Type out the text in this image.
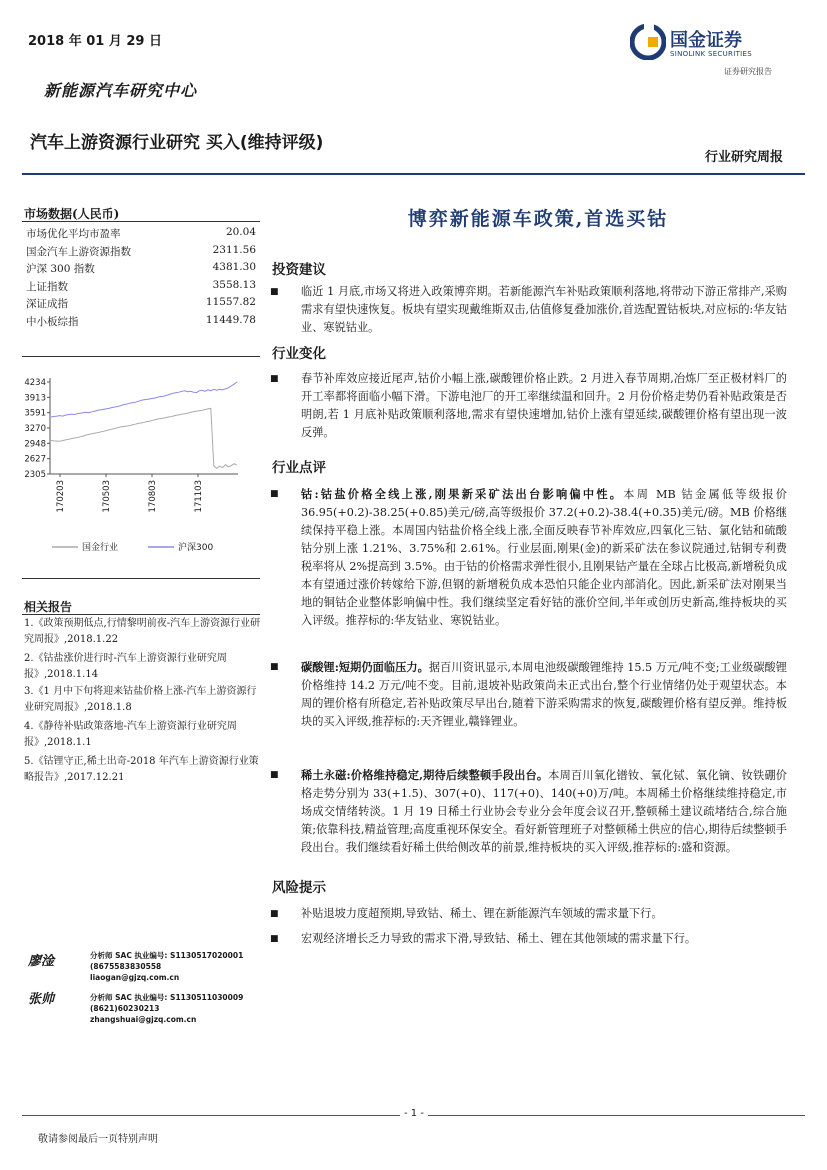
2018 年 01 月 29 日
新能源汽车研究中心
汽车上游资源行业研究 买入(维持评级)
行业研究周报
国金证券
SINOLINK SECURITIES
证券研究报告
市场数据(人民币)
市场优化平均市盈率	20.04
国金汽车上游资源指数	2311.56
沪深 300 指数	4381.30
上证指数	3558.13
深证成指	11557.82
中小板综指	11449.78
4234
3913
3591
3270
2948
2627
2305
170203	170503	170803	171103
国金行业	沪深300
相关报告
1.《政策预期低点,行情黎明前夜-汽车上游资源行业研究周报》,2018.1.22
2.《钴盐涨价进行时-汽车上游资源行业研究周报》,2018.1.14
3.《1 月中下旬将迎来钴盐价格上涨-汽车上游资源行业研究周报》,2018.1.8
4.《静待补贴政策落地-汽车上游资源行业研究周报》,2018.1.1
5.《钴锂守正,稀土出奇-2018 年汽车上游资源行业策略报告》,2017.12.21
廖淦	分析师 SAC 执业编号: S1130517020001
(8675583830558
liaogan@gjzq.com.cn
张帅	分析师 SAC 执业编号: S1130511030009
(8621)60230213
zhangshuai@gjzq.com.cn
博弈新能源车政策,首选买钴
投资建议
■	临近 1 月底,市场又将进入政策博弈期。若新能源汽车补贴政策顺利落地,将带动下游正常排产,采购需求有望快速恢复。板块有望实现戴维斯双击,估值修复叠加涨价,首选配置钴板块,对应标的:华友钴业、寒锐钴业。
行业变化
■	春节补库效应接近尾声,钴价小幅上涨,碳酸锂价格止跌。2 月进入春节周期,冶炼厂至正极材料厂的开工率都将面临小幅下滑。下游电池厂的开工率继续温和回升。2 月份价格走势仍看补贴政策是否明朗,若 1 月底补贴政策顺利落地,需求有望快速增加,钴价上涨有望延续,碳酸锂价格有望出现一波反弹。
行业点评
■	钴:钴盐价格全线上涨,刚果新采矿法出台影响偏中性。本周 MB 钴金属低等级报价 36.95(+0.2)-38.25(+0.85)美元/磅,高等级报价 37.2(+0.2)-38.4(+0.35)美元/磅。MB 价格继续保持平稳上涨。本周国内钴盐价格全线上涨,全面反映春节补库效应,四氧化三钴、氯化钴和硫酸钴分别上涨 1.21%、3.75%和 2.61%。行业层面,刚果(金)的新采矿法在参议院通过,钴铜专利费税率将从 2%提高到 3.5%。由于钴的价格需求弹性很小,且刚果钴产量在全球占比极高,新增税负成本有望通过涨价转嫁给下游,但钢的新增税负成本恐怕只能企业内部消化。因此,新采矿法对刚果当地的铜钴企业整体影响偏中性。我们继续坚定看好钴的涨价空间,半年或创历史新高,维持板块的买入评级。推荐标的:华友钴业、寒锐钴业。
■	碳酸锂:短期仍面临压力。据百川资讯显示,本周电池级碳酸锂维持 15.5 万元/吨不变;工业级碳酸锂价格维持 14.2 万元/吨不变。目前,退坡补贴政策尚未正式出台,整个行业情绪仍处于观望状态。本周的锂价格有所稳定,若补贴政策尽早出台,随着下游采购需求的恢复,碳酸锂价格有望反弹。维持板块的买入评级,推荐标的:天齐锂业,赣锋锂业。
■	稀土永磁:价格维持稳定,期待后续整顿手段出台。本周百川氧化镨钕、氧化铽、氧化镝、钕铁硼价格走势分别为 33(+1.5)、307(+0)、117(+0)、140(+0)万/吨。本周稀土价格继续维持稳定,市场成交情绪转淡。1 月 19 日稀土行业协会专业分会年度会议召开,整顿稀土建议疏堵结合,综合施策;依靠科技,精益管理;高度重视环保安全。看好新管理班子对整顿稀土供应的信心,期待后续整顿手段出台。我们继续看好稀土供给侧改革的前景,维持板块的买入评级,推荐标的:盛和资源。
风险提示
■	补贴退坡力度超预期,导致钴、稀土、锂在新能源汽车领域的需求量下行。
■	宏观经济增长乏力导致的需求下滑,导致钴、稀土、锂在其他领域的需求量下行。
- 1 -
敬请参阅最后一页特别声明
